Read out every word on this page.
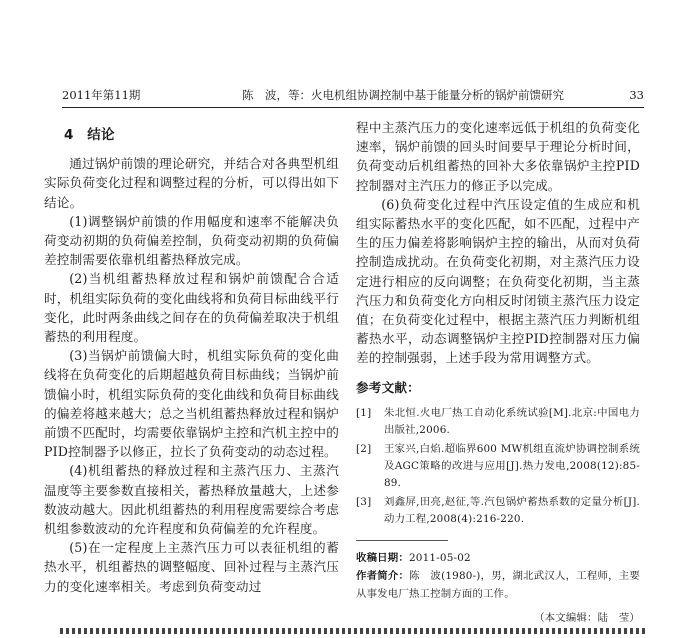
2011年第11期	陈　波，等：火电机组协调控制中基于能量分析的锅炉前馈研究	33
4　结论

通过锅炉前馈的理论研究，并结合对各典型机组实际负荷变化过程和调整过程的分析，可以得出如下结论。

(1)调整锅炉前馈的作用幅度和速率不能解决负荷变动初期的负荷偏差控制，负荷变动初期的负荷偏差控制需要依靠机组蓄热释放完成。

(2)当机组蓄热释放过程和锅炉前馈配合合适时，机组实际负荷的变化曲线将和负荷目标曲线平行变化，此时两条曲线之间存在的负荷偏差取决于机组蓄热的利用程度。

(3)当锅炉前馈偏大时，机组实际负荷的变化曲线将在负荷变化的后期超越负荷目标曲线；当锅炉前馈偏小时，机组实际负荷的变化曲线和负荷目标曲线的偏差将越来越大；总之当机组蓄热释放过程和锅炉前馈不匹配时，均需要依靠锅炉主控和汽机主控中的PID控制器予以修正，拉长了负荷变动的动态过程。

(4)机组蓄热的释放过程和主蒸汽压力、主蒸汽温度等主要参数直接相关，蓄热释放量越大，上述参数波动越大。因此机组蓄热的利用程度需要综合考虑机组参数波动的允许程度和负荷偏差的允许程度。

(5)在一定程度上主蒸汽压力可以表征机组的蓄热水平，机组蓄热的调整幅度、回补过程与主蒸汽压力的变化速率相关。考虑到负荷变动过

程中主蒸汽压力的变化速率远低于机组的负荷变化速率，锅炉前馈的回头时间要早于理论分析时间，负荷变动后机组蓄热的回补大多依靠锅炉主控PID控制器对主汽压力的修正予以完成。

(6)负荷变化过程中汽压设定值的生成应和机组实际蓄热水平的变化匹配，如不匹配，过程中产生的压力偏差将影响锅炉主控的输出，从而对负荷控制造成扰动。在负荷变化初期，对主蒸汽压力设定进行相应的反向调整；在负荷变化初期，当主蒸汽压力和负荷变化方向相反时闭锁主蒸汽压力设定值；在负荷变化过程中，根据主蒸汽压力判断机组蓄热水平，动态调整锅炉主控PID控制器对压力偏差的控制强弱，上述手段为常用调整方式。

参考文献：
[1]	朱北恒.火电厂热工自动化系统试验[M].北京:中国电力出版社,2006.
[2]	王家兴,白焰.超临界600 MW机组直流炉协调控制系统及AGC策略的改进与应用[J].热力发电,2008(12):85-89.
[3]	刘鑫屏,田亮,赵征,等.汽包锅炉蓄热系数的定量分析[J].动力工程,2008(4):216-220.
收稿日期：2011-05-02
作者简介：陈　波(1980-)，男，湖北武汉人，工程师，主要从事发电厂热工控制方面的工作。
（本文编辑：陆　莹）
